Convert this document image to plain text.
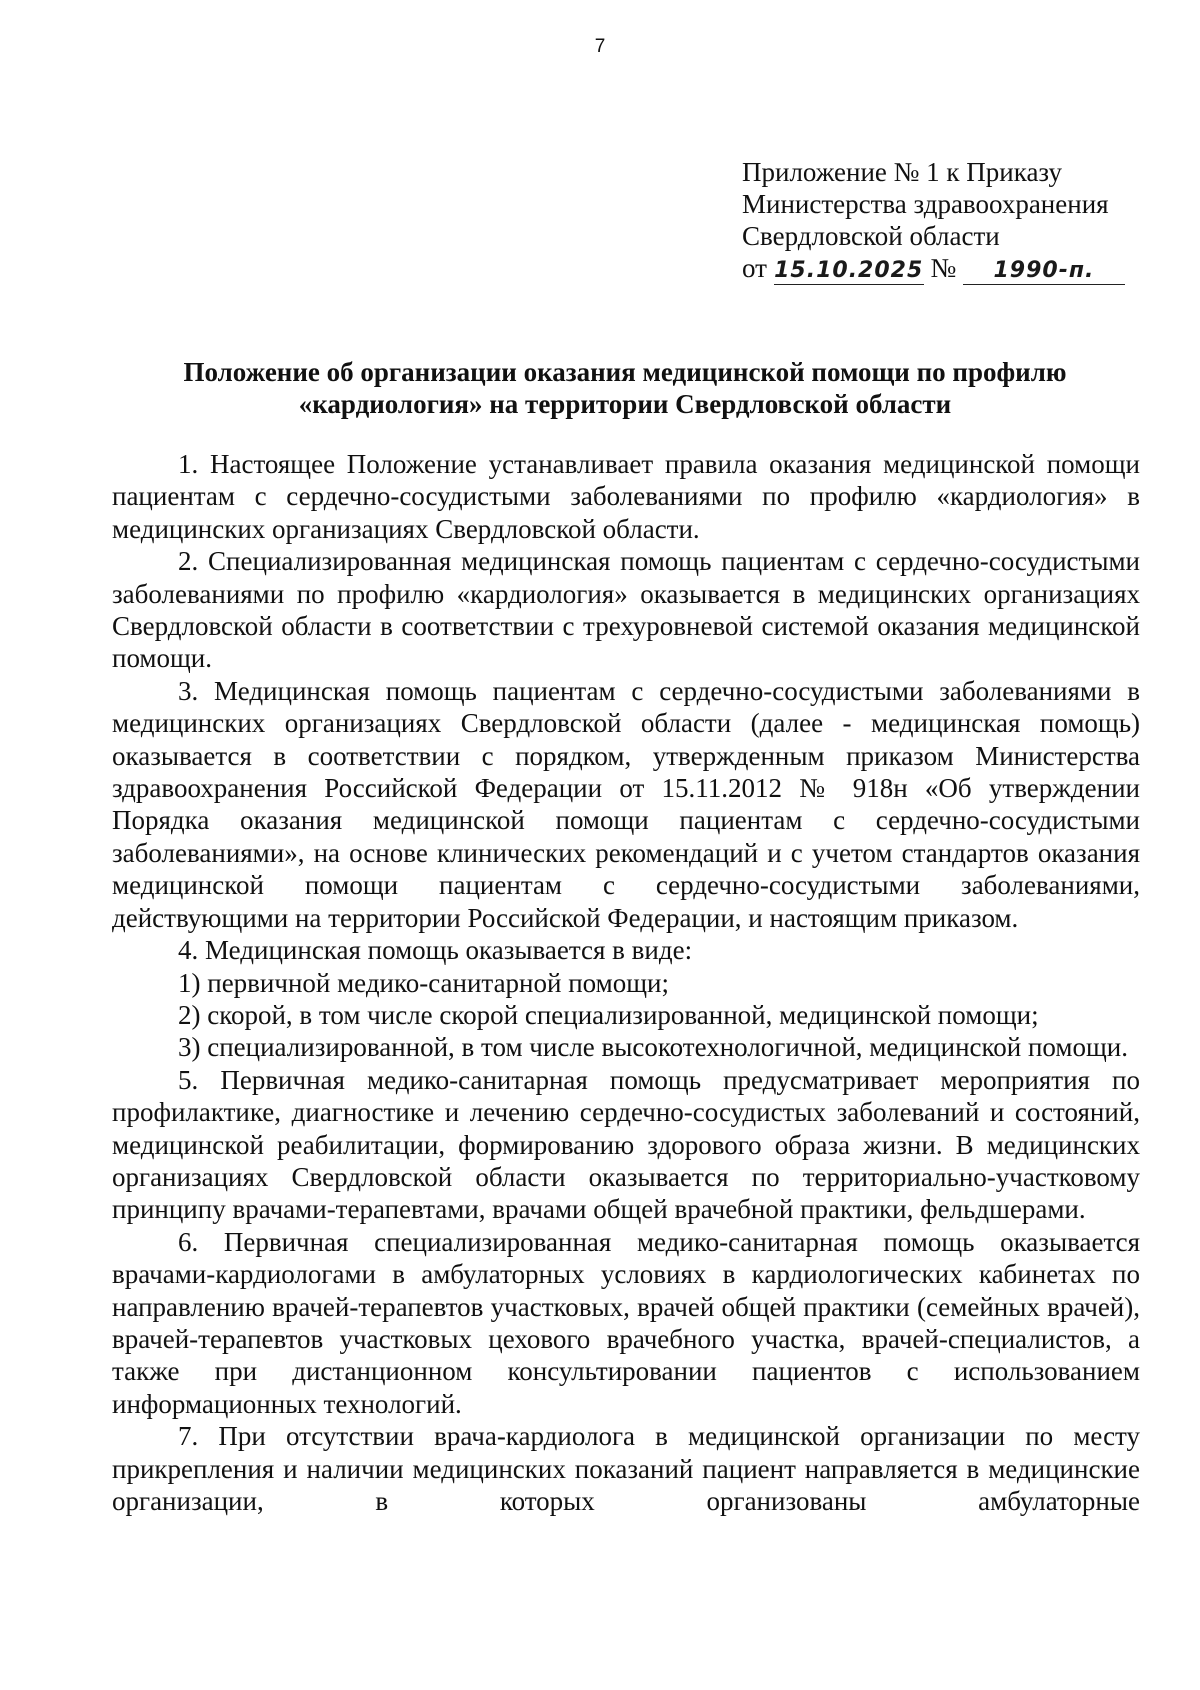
7
Приложение № 1 к Приказу
Министерства здравоохранения
Свердловской области
от 15.10.2025 № 1990-п.
Положение об организации оказания медицинской помощи по профилю
«кардиология» на территории Свердловской области

1. Настоящее Положение устанавливает правила оказания медицинской помощи пациентам с сердечно-сосудистыми заболеваниями по профилю «кардиология» в медицинских организациях Свердловской области.

2. Специализированная медицинская помощь пациентам с сердечно-сосудистыми заболеваниями по профилю «кардиология» оказывается в медицинских организациях Свердловской области в соответствии с трехуровневой системой оказания медицинской помощи.

3. Медицинская помощь пациентам с сердечно-сосудистыми заболеваниями в медицинских организациях Свердловской области (далее - медицинская помощь) оказывается в соответствии с порядком, утвержденным приказом Министерства здравоохранения Российской Федерации от 15.11.2012 № 918н «Об утверждении Порядка оказания медицинской помощи пациентам с сердечно-сосудистыми заболеваниями», на основе клинических рекомендаций и с учетом стандартов оказания медицинской помощи пациентам с сердечно-сосудистыми заболеваниями, действующими на территории Российской Федерации, и настоящим приказом.

4. Медицинская помощь оказывается в виде:

1) первичной медико-санитарной помощи;

2) скорой, в том числе скорой специализированной, медицинской помощи;

3) специализированной, в том числе высокотехнологичной, медицинской помощи.

5. Первичная медико-санитарная помощь предусматривает мероприятия по профилактике, диагностике и лечению сердечно-сосудистых заболеваний и состояний, медицинской реабилитации, формированию здорового образа жизни. В медицинских организациях Свердловской области оказывается по территориально-участковому принципу врачами-терапевтами, врачами общей врачебной практики, фельдшерами.

6. Первичная специализированная медико-санитарная помощь оказывается врачами-кардиологами в амбулаторных условиях в кардиологических кабинетах по направлению врачей-терапевтов участковых, врачей общей практики (семейных врачей), врачей-терапевтов участковых цехового врачебного участка, врачей-специалистов, а также при дистанционном консультировании пациентов с использованием информационных технологий.

7. При отсутствии врача-кардиолога в медицинской организации по месту прикрепления и наличии медицинских показаний пациент направляется в медицинские организации, в которых организованы амбулаторные
